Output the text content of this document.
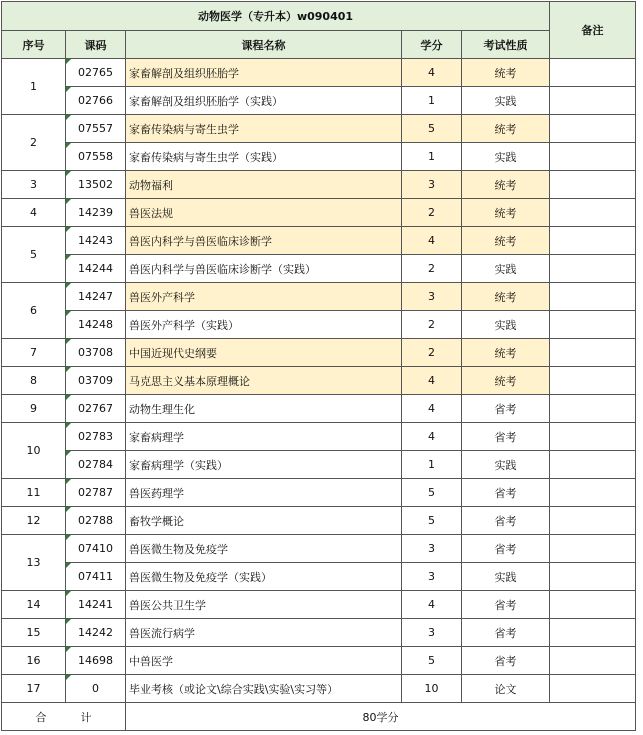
动物医学（专升本）w090401					备注
序号	课码	课程名称	学分	考试性质	
1	02765	家畜解剖及组织胚胎学	4	统考	
	02766	家畜解剖及组织胚胎学（实践）	1	实践	
2	07557	家畜传染病与寄生虫学	5	统考	
	07558	家畜传染病与寄生虫学（实践）	1	实践	
3	13502	动物福利	3	统考	
4	14239	兽医法规	2	统考	
5	14243	兽医内科学与兽医临床诊断学	4	统考	
	14244	兽医内科学与兽医临床诊断学（实践）	2	实践	
6	14247	兽医外产科学	3	统考	
	14248	兽医外产科学（实践）	2	实践	
7	03708	中国近现代史纲要	2	统考	
8	03709	马克思主义基本原理概论	4	统考	
9	02767	动物生理生化	4	省考	
10	02783	家畜病理学	4	省考	
	02784	家畜病理学（实践）	1	实践	
11	02787	兽医药理学	5	省考	
12	02788	畜牧学概论	5	省考	
13	07410	兽医微生物及免疫学	3	省考	
	07411	兽医微生物及免疫学（实践）	3	实践	
14	14241	兽医公共卫生学	4	省考	
15	14242	兽医流行病学	3	省考	
16	14698	中兽医学	5	省考	
17	0	毕业考核（或论文\综合实践\实验\实习等）	10	论文	
合 计		80学分			
